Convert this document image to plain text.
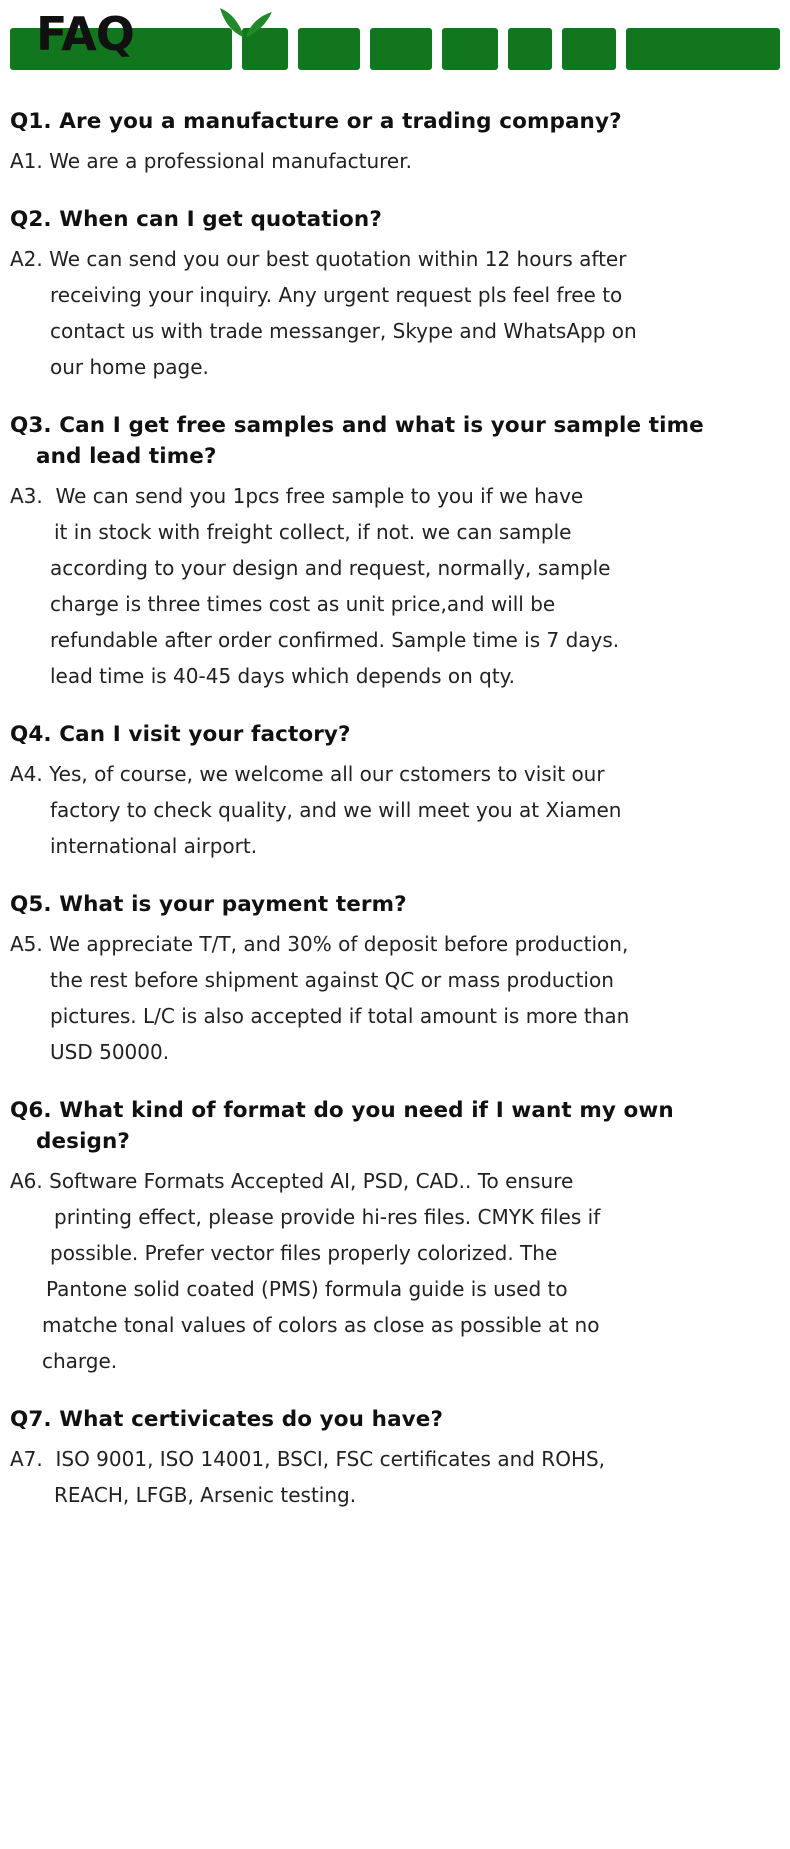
FAQ
Q1. Are you a manufacture or a trading company?
A1. We are a professional manufacturer.
Q2. When can I get quotation?
A2. We can send you our best quotation within 12 hours after
receiving your inquiry. Any urgent request pls feel free to
contact us with trade messanger, Skype and WhatsApp on
our home page.
Q3. Can I get free samples and what is your sample time
and lead time?
A3.  We can send you 1pcs free sample to you if we have
it in stock with freight collect, if not. we can sample
according to your design and request, normally, sample
charge is three times cost as unit price,and will be
refundable after order confirmed. Sample time is 7 days.
lead time is 40-45 days which depends on qty.
Q4. Can I visit your factory?
A4. Yes, of course, we welcome all our cstomers to visit our
factory to check quality, and we will meet you at Xiamen
international airport.
Q5. What is your payment term?
A5. We appreciate T/T, and 30% of deposit before production,
the rest before shipment against QC or mass production
pictures. L/C is also accepted if total amount is more than
USD 50000.
Q6. What kind of format do you need if I want my own
design?
A6. Software Formats Accepted AI, PSD, CAD.. To ensure
printing effect, please provide hi-res files. CMYK files if
possible. Prefer vector files properly colorized. The
Pantone solid coated (PMS) formula guide is used to
matche tonal values of colors as close as possible at no
charge.
Q7. What certivicates do you have?
A7.  ISO 9001, ISO 14001, BSCI, FSC certificates and ROHS,
REACH, LFGB, Arsenic testing.
